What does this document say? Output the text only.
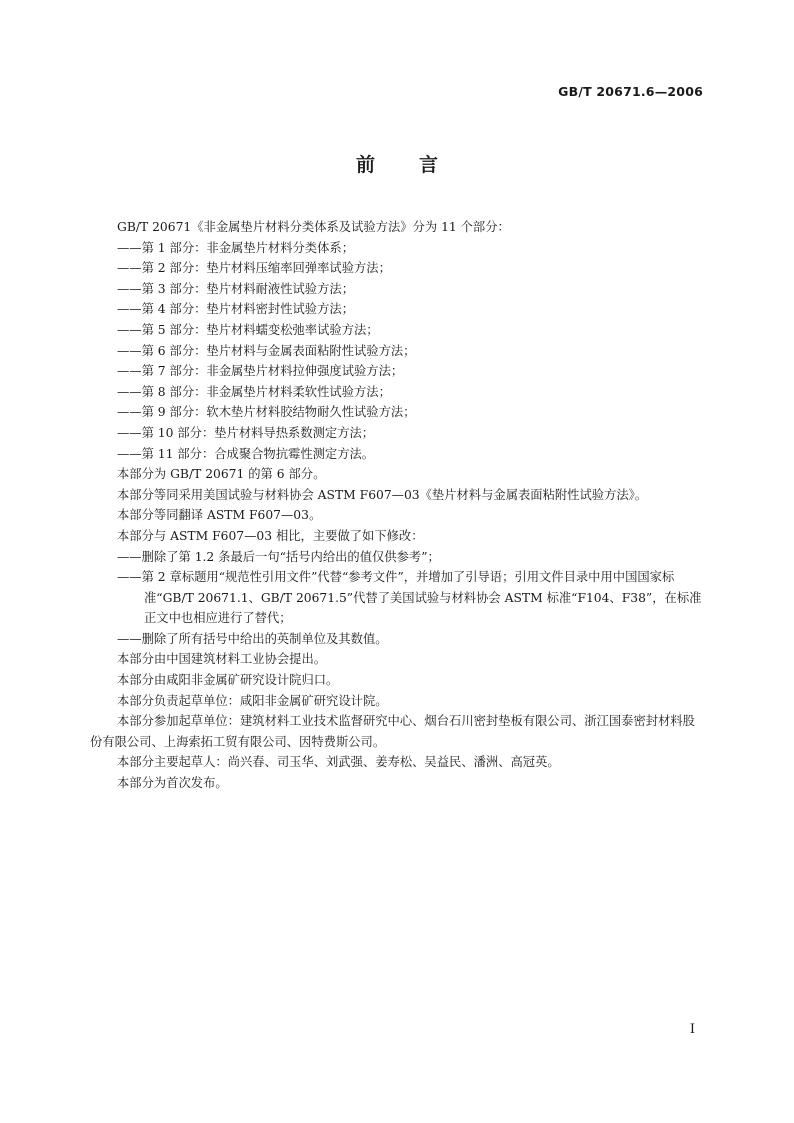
GB/T 20671.6—2006
前言

GB/T 20671《非金属垫片材料分类体系及试验方法》分为 11 个部分：

——第 1 部分：非金属垫片材料分类体系；

——第 2 部分：垫片材料压缩率回弹率试验方法；

——第 3 部分：垫片材料耐液性试验方法；

——第 4 部分：垫片材料密封性试验方法；

——第 5 部分：垫片材料蠕变松弛率试验方法；

——第 6 部分：垫片材料与金属表面粘附性试验方法；

——第 7 部分：非金属垫片材料拉伸强度试验方法；

——第 8 部分：非金属垫片材料柔软性试验方法；

——第 9 部分：软木垫片材料胶结物耐久性试验方法；

——第 10 部分：垫片材料导热系数测定方法；

——第 11 部分：合成聚合物抗霉性测定方法。

本部分为 GB/T 20671 的第 6 部分。

本部分等同采用美国试验与材料协会 ASTM F607—03《垫片材料与金属表面粘附性试验方法》。

本部分等同翻译 ASTM F607—03。

本部分与 ASTM F607—03 相比，主要做了如下修改：

——删除了第 1.2 条最后一句“括号内给出的值仅供参考”；

——第 2 章标题用“规范性引用文件”代替“参考文件”，并增加了引导语；引用文件目录中用中国国家标准“GB/T 20671.1、GB/T 20671.5”代替了美国试验与材料协会 ASTM 标准“F104、F38”，在标准正文中也相应进行了替代；

——删除了所有括号中给出的英制单位及其数值。

本部分由中国建筑材料工业协会提出。

本部分由咸阳非金属矿研究设计院归口。

本部分负责起草单位：咸阳非金属矿研究设计院。

本部分参加起草单位：建筑材料工业技术监督研究中心、烟台石川密封垫板有限公司、浙江国泰密封材料股份有限公司、上海索拓工贸有限公司、因特费斯公司。

本部分主要起草人：尚兴春、司玉华、刘武强、姜寿松、吴益民、潘洲、高冠英。

本部分为首次发布。

I
